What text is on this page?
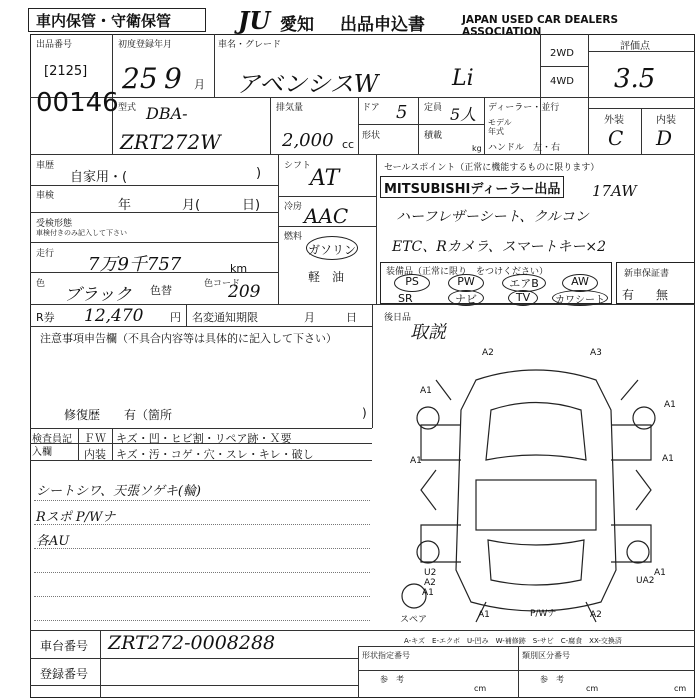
車内保管・守衛保管	JU 愛知 出品申込書	JAPAN USED CAR DEALERS ASSOCIATION
出品番号
[2125]
00146
初度登録年月
25 9 月
車名・グレード
アベンシスW	Li
2WD
4WD
評価点
3.5
外装	内装
C D
型式 DBA-
ZRT272W
排気量
2,000 cc
ドア 5 定員 5人
形状	積載
kg
ディーラー・並行
モデル年式
ハンドル　左・右
車歴
自家用・(	)
車検
年	月(	日)
受検形態
車検付きのみ記入して下さい
走行 7万9千757	km
色
ブラック 色替	色コード
209
シフト
AT
冷房 AAC
燃料
ガソリン
軽　油
セールスポイント（正常に機能するものに限ります）
MITSUBISHIディーラー出品 17AW
ハーフレザーシート、クルコン
ETC、Rカメラ、スマートキー×2
装備品（正常に限り　をつけください）
PS	PW	エアB	AW
SR	ナビ	TV	カワシート
新車保証書
有 無
R券 12,470 円 名変通知期限	月	日	後日品
取説
注意事項申告欄（不具合内容等は具体的に記入して下さい）
修復歴　　有（箇所	)
検査員記入欄
ＦＷ キズ・凹・ヒビ割・リペア跡・Ｘ要
内装 キズ・汚・コゲ・穴・スレ・キレ・破し
シートシワ、天張ソゲキ(輪)
Rスポ P/Wナ
各AU
A2	A3
A1
A1	A1
A1
U2
A2	UA2
A1
A1
A1
P/Wナ	A2
スペア
車台番号 ZRT272-0008288
登録番号
A-キズ　E-エクボ　U-凹み　W-補修跡　S-サビ　C-腐食　XX-交換済
形状指定番号	類別区分番号
参　考	参　考
cm	cm	cm
